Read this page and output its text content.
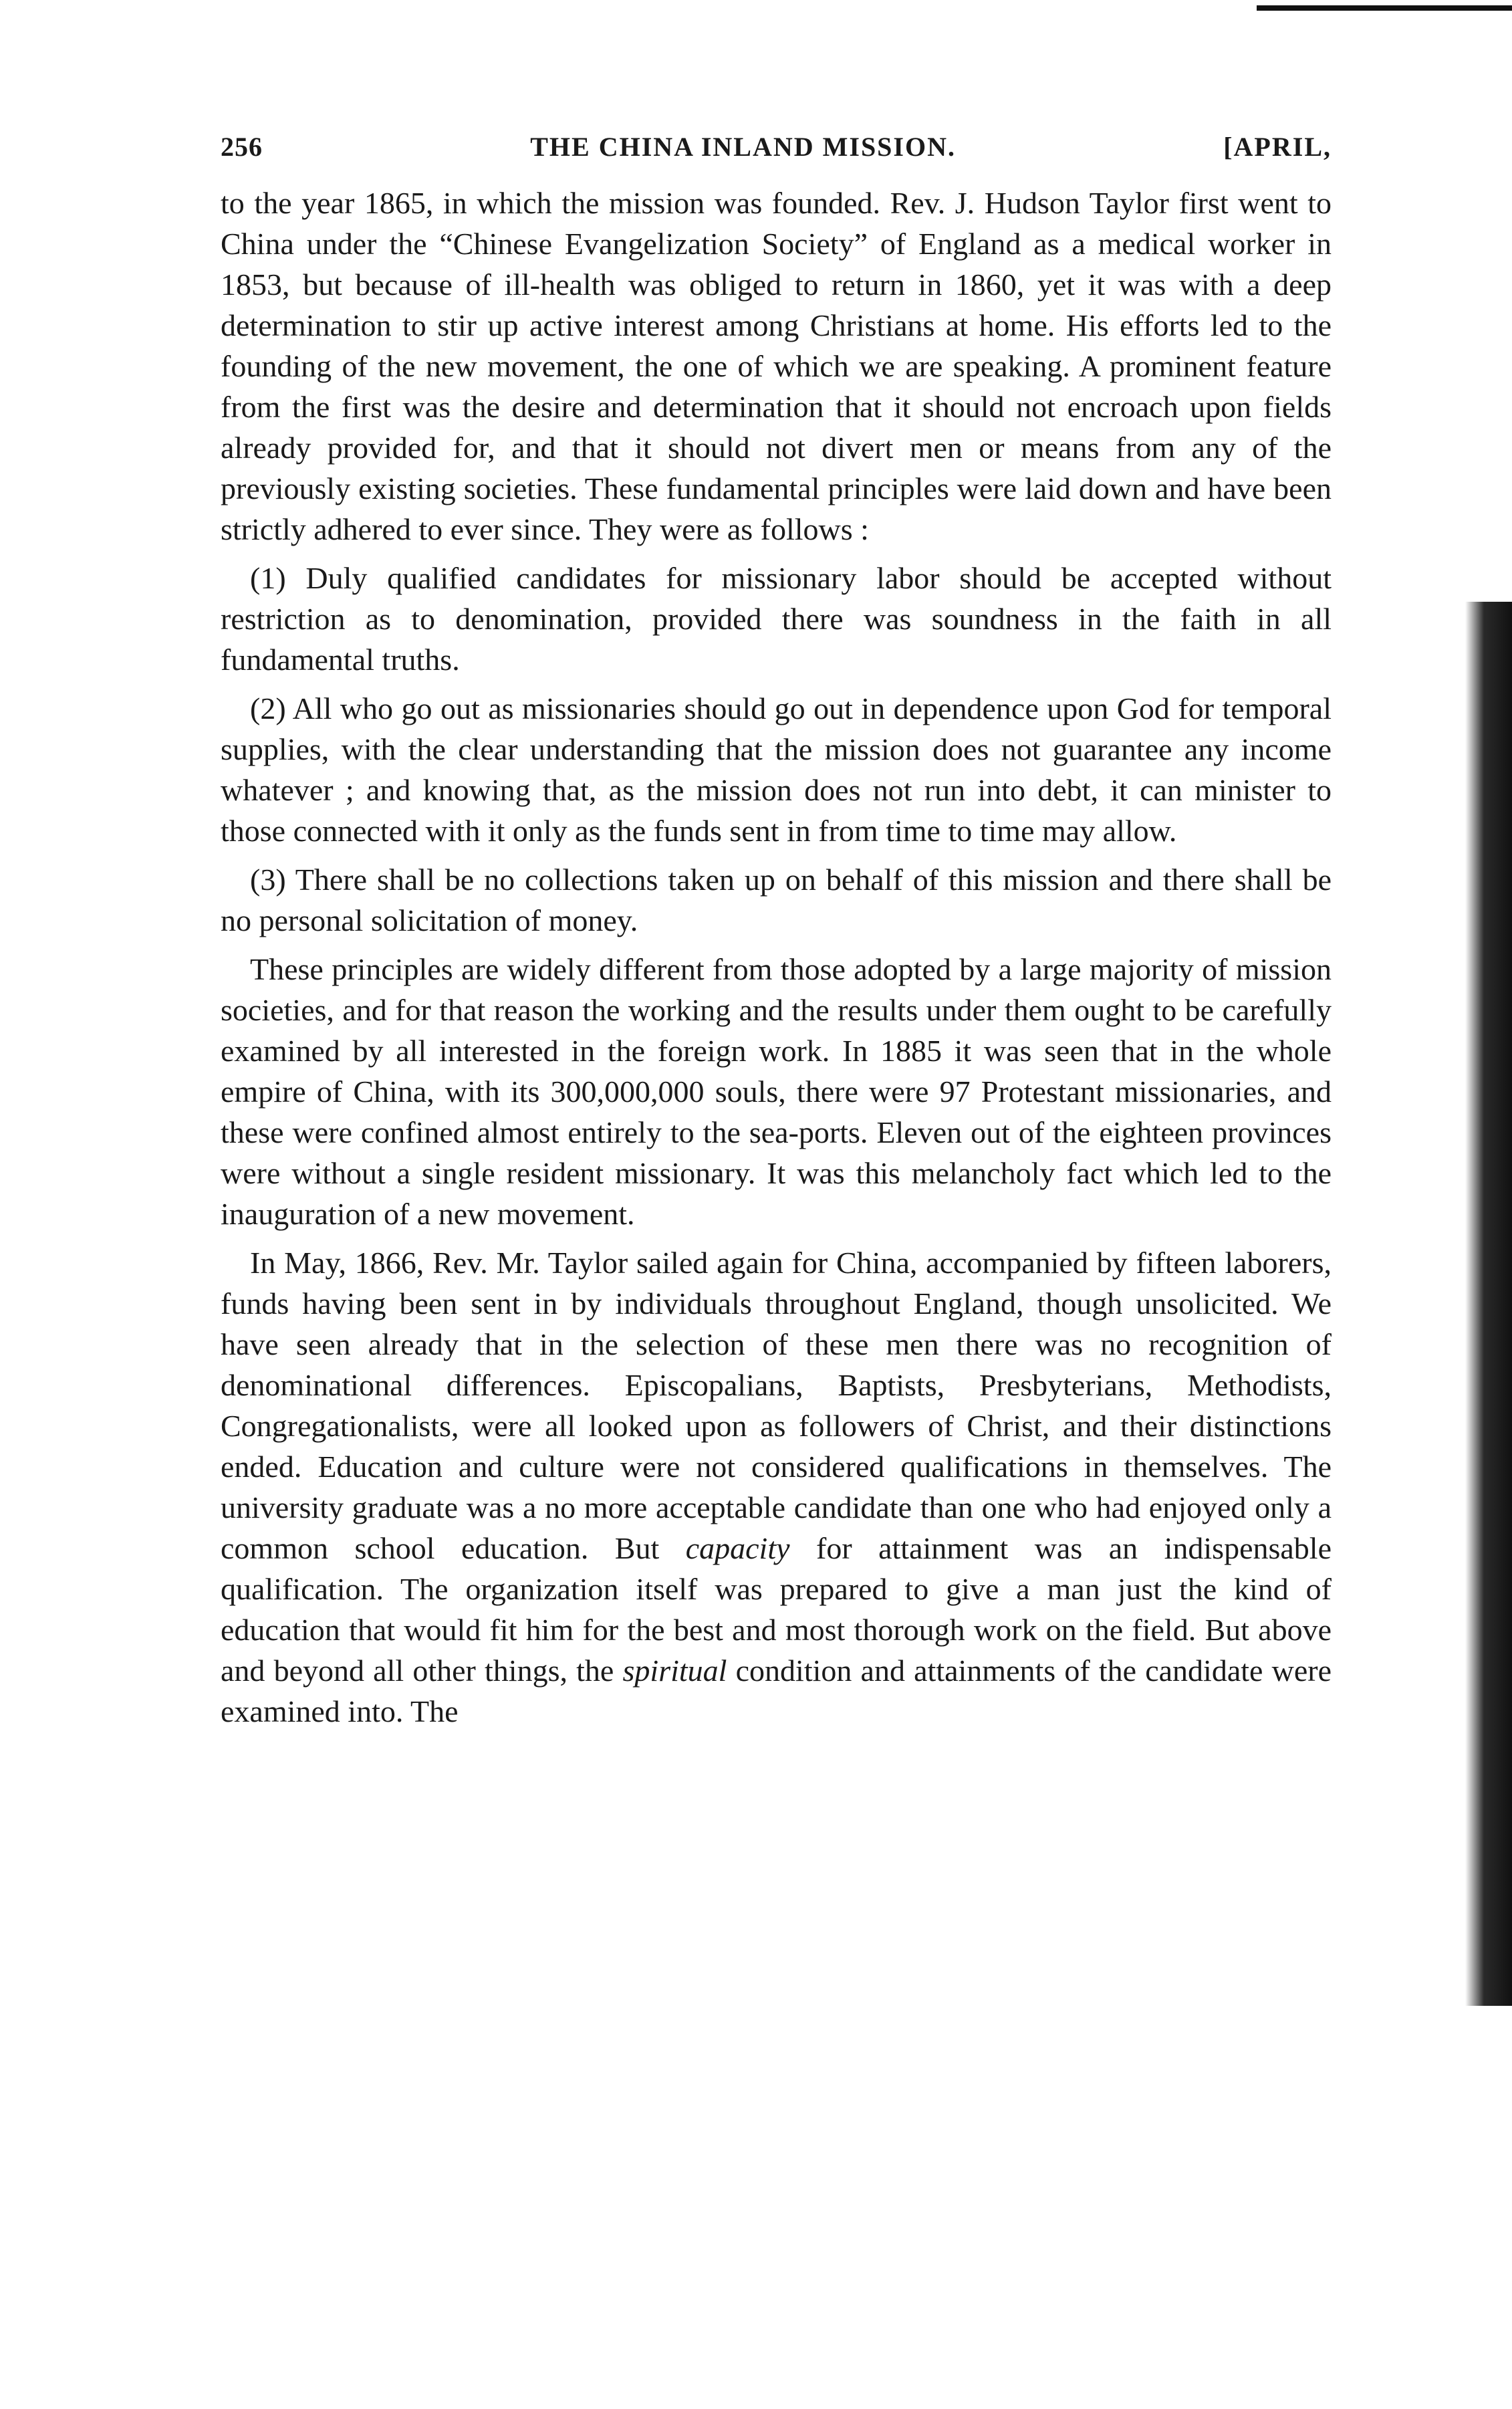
256	THE CHINA INLAND MISSION.	[APRIL,

to the year 1865, in which the mission was founded. Rev. J. Hudson Taylor first went to China under the “Chinese Evangelization Society” of England as a medical worker in 1853, but because of ill-health was obliged to return in 1860, yet it was with a deep determination to stir up active interest among Christians at home. His efforts led to the founding of the new movement, the one of which we are speaking. A prominent feature from the first was the desire and determination that it should not encroach upon fields already provided for, and that it should not divert men or means from any of the previously existing societies. These fundamental principles were laid down and have been strictly adhered to ever since. They were as follows :

(1) Duly qualified candidates for missionary labor should be accepted without restriction as to denomination, provided there was soundness in the faith in all fundamental truths.

(2) All who go out as missionaries should go out in dependence upon God for temporal supplies, with the clear understanding that the mission does not guarantee any income whatever ; and knowing that, as the mission does not run into debt, it can minister to those connected with it only as the funds sent in from time to time may allow.

(3) There shall be no collections taken up on behalf of this mission and there shall be no personal solicitation of money.

These principles are widely different from those adopted by a large majority of mission societies, and for that reason the working and the results under them ought to be carefully examined by all interested in the foreign work. In 1885 it was seen that in the whole empire of China, with its 300,000,000 souls, there were 97 Protestant missionaries, and these were confined almost entirely to the sea-ports. Eleven out of the eighteen provinces were without a single resident missionary. It was this melancholy fact which led to the inauguration of a new movement.

In May, 1866, Rev. Mr. Taylor sailed again for China, accompanied by fifteen laborers, funds having been sent in by individuals throughout England, though unsolicited. We have seen already that in the selection of these men there was no recognition of denominational differences. Episcopalians, Baptists, Presbyterians, Methodists, Congregationalists, were all looked upon as followers of Christ, and their distinctions ended. Education and culture were not considered qualifications in themselves. The university graduate was a no more acceptable candidate than one who had enjoyed only a common school education. But capacity for attainment was an indispensable qualification. The organization itself was prepared to give a man just the kind of education that would fit him for the best and most thorough work on the field. But above and beyond all other things, the spiritual condition and attainments of the candidate were examined into. The
